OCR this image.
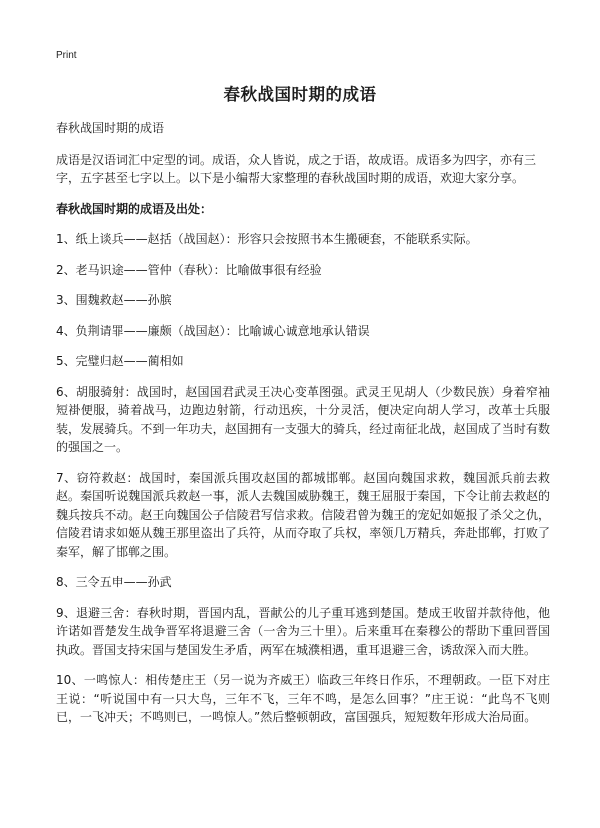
Print
春秋战国时期的成语

春秋战国时期的成语

成语是汉语词汇中定型的词。成语，众人皆说，成之于语，故成语。成语多为四字，亦有三字，五字甚至七字以上。以下是小编帮大家整理的春秋战国时期的成语，欢迎大家分享。

春秋战国时期的成语及出处：

1、纸上谈兵——赵括（战国赵）：形容只会按照书本生搬硬套，不能联系实际。

2、老马识途——管仲（春秋）：比喻做事很有经验

3、围魏救赵——孙膑

4、负荆请罪——廉颇（战国赵）：比喻诚心诚意地承认错误

5、完璧归赵——蔺相如

6、胡服骑射：战国时，赵国国君武灵王决心变革图强。武灵王见胡人（少数民族）身着窄袖短褂便服，骑着战马，边跑边射箭，行动迅疾，十分灵活，便决定向胡人学习，改革士兵服装，发展骑兵。不到一年功夫，赵国拥有一支强大的骑兵，经过南征北战，赵国成了当时有数的强国之一。

7、窃符救赵：战国时，秦国派兵围攻赵国的都城邯郸。赵国向魏国求救，魏国派兵前去救赵。秦国听说魏国派兵救赵一事，派人去魏国威胁魏王，魏王屈服于秦国，下令让前去救赵的魏兵按兵不动。赵王向魏国公子信陵君写信求救。信陵君曾为魏王的宠妃如姬报了杀父之仇，信陵君请求如姬从魏王那里盗出了兵符，从而夺取了兵权，率领几万精兵，奔赴邯郸，打败了秦军，解了邯郸之围。

8、三令五申——孙武

9、退避三舍：春秋时期，晋国内乱，晋献公的儿子重耳逃到楚国。楚成王收留并款待他，他许诺如晋楚发生战争晋军将退避三舍（一舍为三十里）。后来重耳在秦穆公的帮助下重回晋国执政。晋国支持宋国与楚国发生矛盾，两军在城濮相遇，重耳退避三舍，诱敌深入而大胜。

10、一鸣惊人：相传楚庄王（另一说为齐威王）临政三年终日作乐，不理朝政。一臣下对庄王说：“听说国中有一只大鸟，三年不飞，三年不鸣，是怎么回事？”庄王说：“此鸟不飞则已，一飞冲天；不鸣则已，一鸣惊人。”然后整顿朝政，富国强兵，短短数年形成大治局面。
